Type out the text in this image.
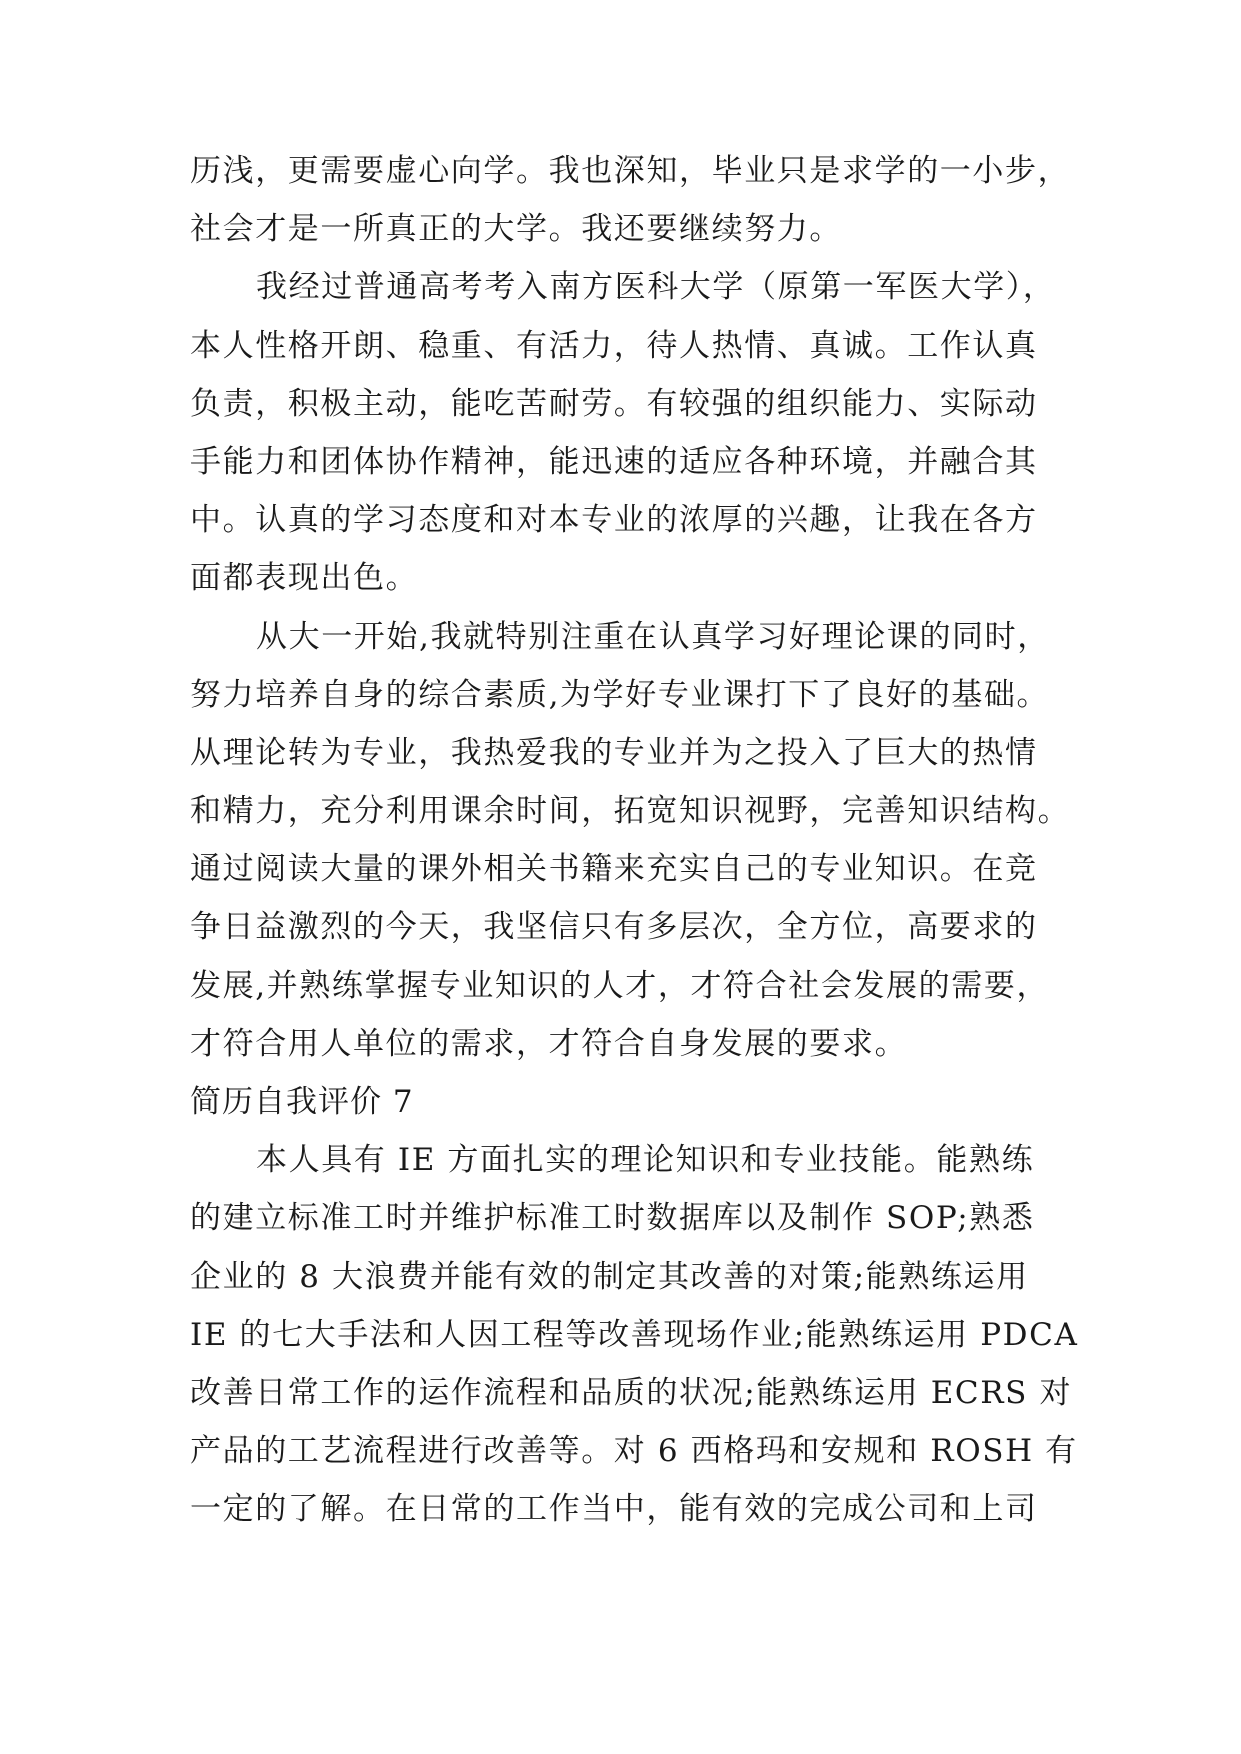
历浅，更需要虚心向学。我也深知，毕业只是求学的一小步，
社会才是一所真正的大学。我还要继续努力。
我经过普通高考考入南方医科大学（原第一军医大学），
本人性格开朗、稳重、有活力，待人热情、真诚。工作认真
负责，积极主动，能吃苦耐劳。有较强的组织能力、实际动
手能力和团体协作精神，能迅速的适应各种环境，并融合其
中。认真的学习态度和对本专业的浓厚的兴趣，让我在各方
面都表现出色。
从大一开始,我就特别注重在认真学习好理论课的同时，
努力培养自身的综合素质,为学好专业课打下了良好的基础。
从理论转为专业，我热爱我的专业并为之投入了巨大的热情
和精力，充分利用课余时间，拓宽知识视野，完善知识结构。
通过阅读大量的课外相关书籍来充实自己的专业知识。在竞
争日益激烈的今天，我坚信只有多层次，全方位，高要求的
发展,并熟练掌握专业知识的人才，才符合社会发展的需要，
才符合用人单位的需求，才符合自身发展的要求。
简历自我评价 7
本人具有 IE 方面扎实的理论知识和专业技能。能熟练
的建立标准工时并维护标准工时数据库以及制作 SOP;熟悉
企业的 8 大浪费并能有效的制定其改善的对策;能熟练运用
IE 的七大手法和人因工程等改善现场作业;能熟练运用 PDCA
改善日常工作的运作流程和品质的状况;能熟练运用 ECRS 对
产品的工艺流程进行改善等。对 6 西格玛和安规和 ROSH 有
一定的了解。在日常的工作当中，能有效的完成公司和上司
